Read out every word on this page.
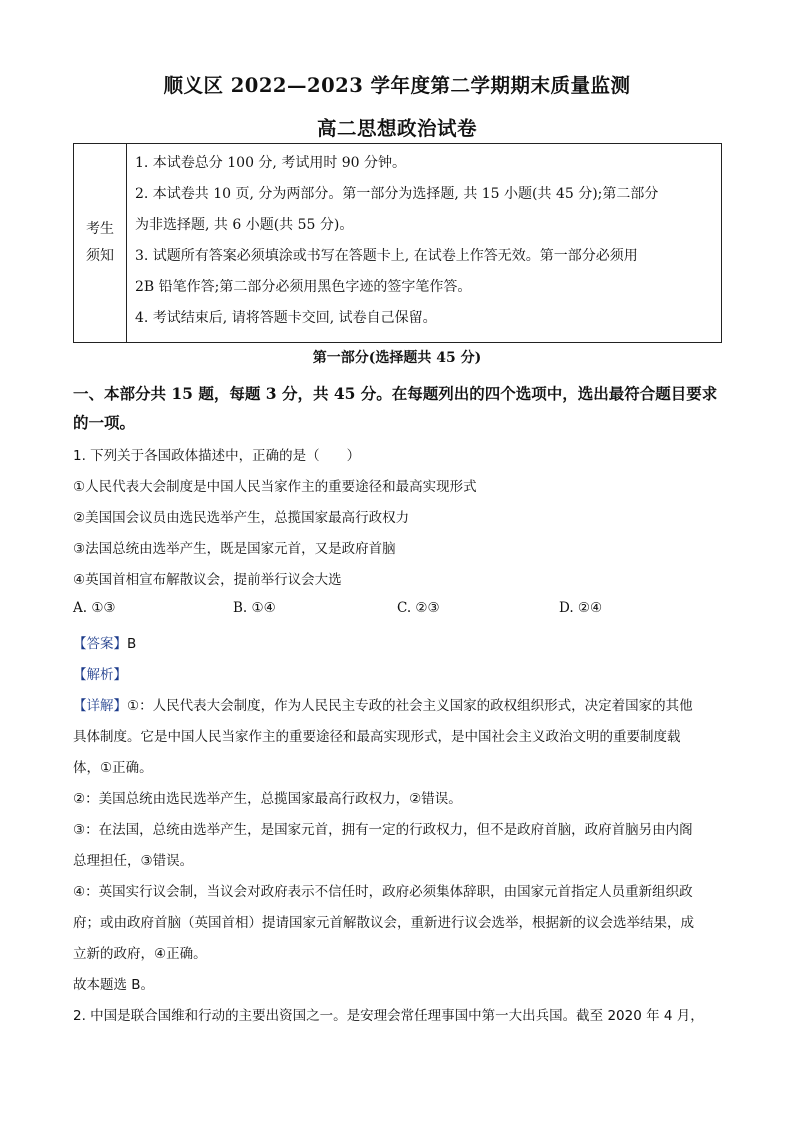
顺义区 2022—2023 学年度第二学期期末质量监测
高二思想政治试卷
考生
须知

1. 本试卷总分 100 分, 考试用时 90 分钟。
2. 本试卷共 10 页, 分为两部分。第一部分为选择题, 共 15 小题(共 45 分);第二部分
为非选择题, 共 6 小题(共 55 分)。
3. 试题所有答案必须填涂或书写在答题卡上, 在试卷上作答无效。第一部分必须用
2B 铅笔作答;第二部分必须用黑色字迹的签字笔作答。
4. 考试结束后, 请将答题卡交回, 试卷自己保留。
第一部分(选择题共 45 分)
一、本部分共 15 题，每题 3 分，共 45 分。在每题列出的四个选项中，选出最符合题目要求
的一项。
1. 下列关于各国政体描述中，正确的是（　　）
①人民代表大会制度是中国人民当家作主的重要途径和最高实现形式
②美国国会议员由选民选举产生，总揽国家最高行政权力
③法国总统由选举产生，既是国家元首，又是政府首脑
④英国首相宣布解散议会，提前举行议会大选
A. ①③	B. ①④	C. ②③	D. ②④
【答案】B
【解析】
【详解】①：人民代表大会制度，作为人民民主专政的社会主义国家的政权组织形式，决定着国家的其他
具体制度。它是中国人民当家作主的重要途径和最高实现形式，是中国社会主义政治文明的重要制度载
体，①正确。
②：美国总统由选民选举产生，总揽国家最高行政权力，②错误。
③：在法国，总统由选举产生，是国家元首，拥有一定的行政权力，但不是政府首脑，政府首脑另由内阁
总理担任，③错误。
④：英国实行议会制，当议会对政府表示不信任时，政府必须集体辞职，由国家元首指定人员重新组织政
府；或由政府首脑（英国首相）提请国家元首解散议会，重新进行议会选举，根据新的议会选举结果，成
立新的政府，④正确。
故本题选 B。
2. 中国是联合国维和行动的主要出资国之一。是安理会常任理事国中第一大出兵国。截至 2020 年 4 月，
